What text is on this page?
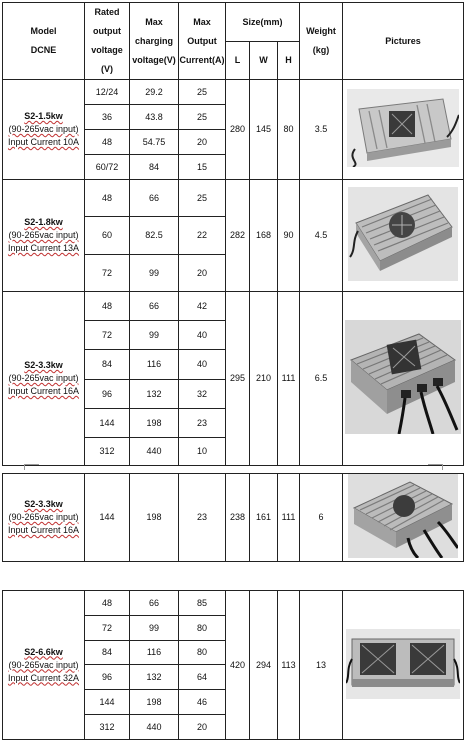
Model
DCNE	Rated
output
voltage (V)	Max
charging
voltage(V)	Max
Output
Current(A)	Size(mm)			Weight
(kg)	Pictures
				L	W	H		

S2-1.5kw
(90-265vac input)
Input Current 10A	12/24	29.2	25	280	145	80	3.5	
	36	43.8	25					
	48	54.75	20					
	60/72	84	15					

S2-1.8kw
(90-265vac input)
Input Current 13A	48	66	25	282	168	90	4.5	
	60	82.5	22					
	72	99	20					

S2-3.3kw
(90-265vac input)
Input Current 16A	48	66	42	295	210	111	6.5	
	72	99	40					
	84	116	40					
	96	132	32					
	144	198	23					
	312	440	10					
S2-3.3kw
(90-265vac input)
Input Current 16A
	144	198	23	238	161	111	6	
S2-6.6kw
(90-265vac input)
Input Current 32A	48	66	85	420	294	113	13	
	72	99	80					
	84	116	80					
	96	132	64					
	144	198	46					
	312	440	20					
